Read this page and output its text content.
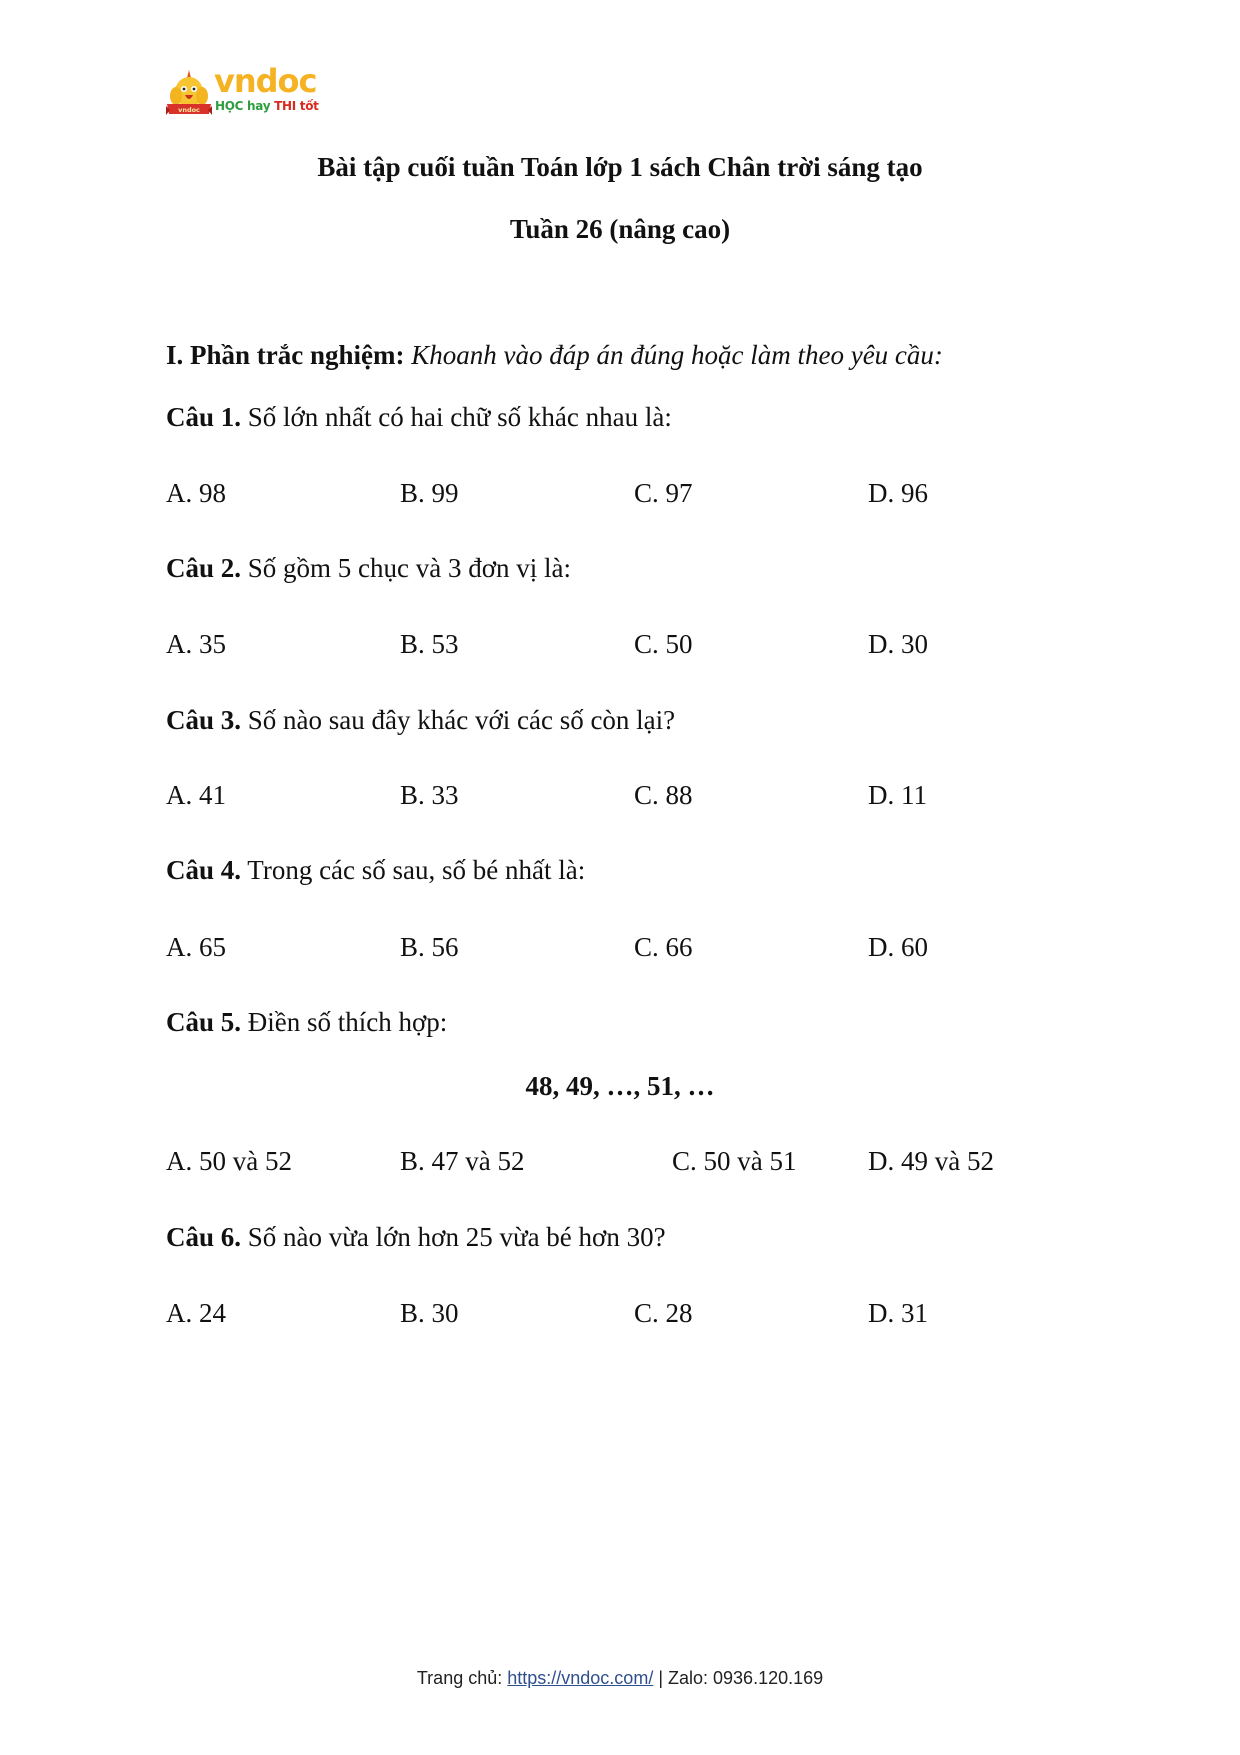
vndoc
vndoc
HỌC hay THI tốt
Bài tập cuối tuần Toán lớp 1 sách Chân trời sáng tạo
Tuần 26 (nâng cao)
I. Phần trắc nghiệm: Khoanh vào đáp án đúng hoặc làm theo yêu cầu:
Câu 1. Số lớn nhất có hai chữ số khác nhau là:
A. 98	B. 99	C. 97	D. 96
Câu 2. Số gồm 5 chục và 3 đơn vị là:
A. 35	B. 53	C. 50	D. 30
Câu 3. Số nào sau đây khác với các số còn lại?
A. 41	B. 33	C. 88	D. 11
Câu 4. Trong các số sau, số bé nhất là:
A. 65	B. 56	C. 66	D. 60
Câu 5. Điền số thích hợp:
48, 49, …, 51, …
A. 50 và 52	B. 47 và 52	C. 50 và 51	D. 49 và 52
Câu 6. Số nào vừa lớn hơn 25 vừa bé hơn 30?
A. 24	B. 30	C. 28	D. 31
Trang chủ: https://vndoc.com/ | Zalo: 0936.120.169
